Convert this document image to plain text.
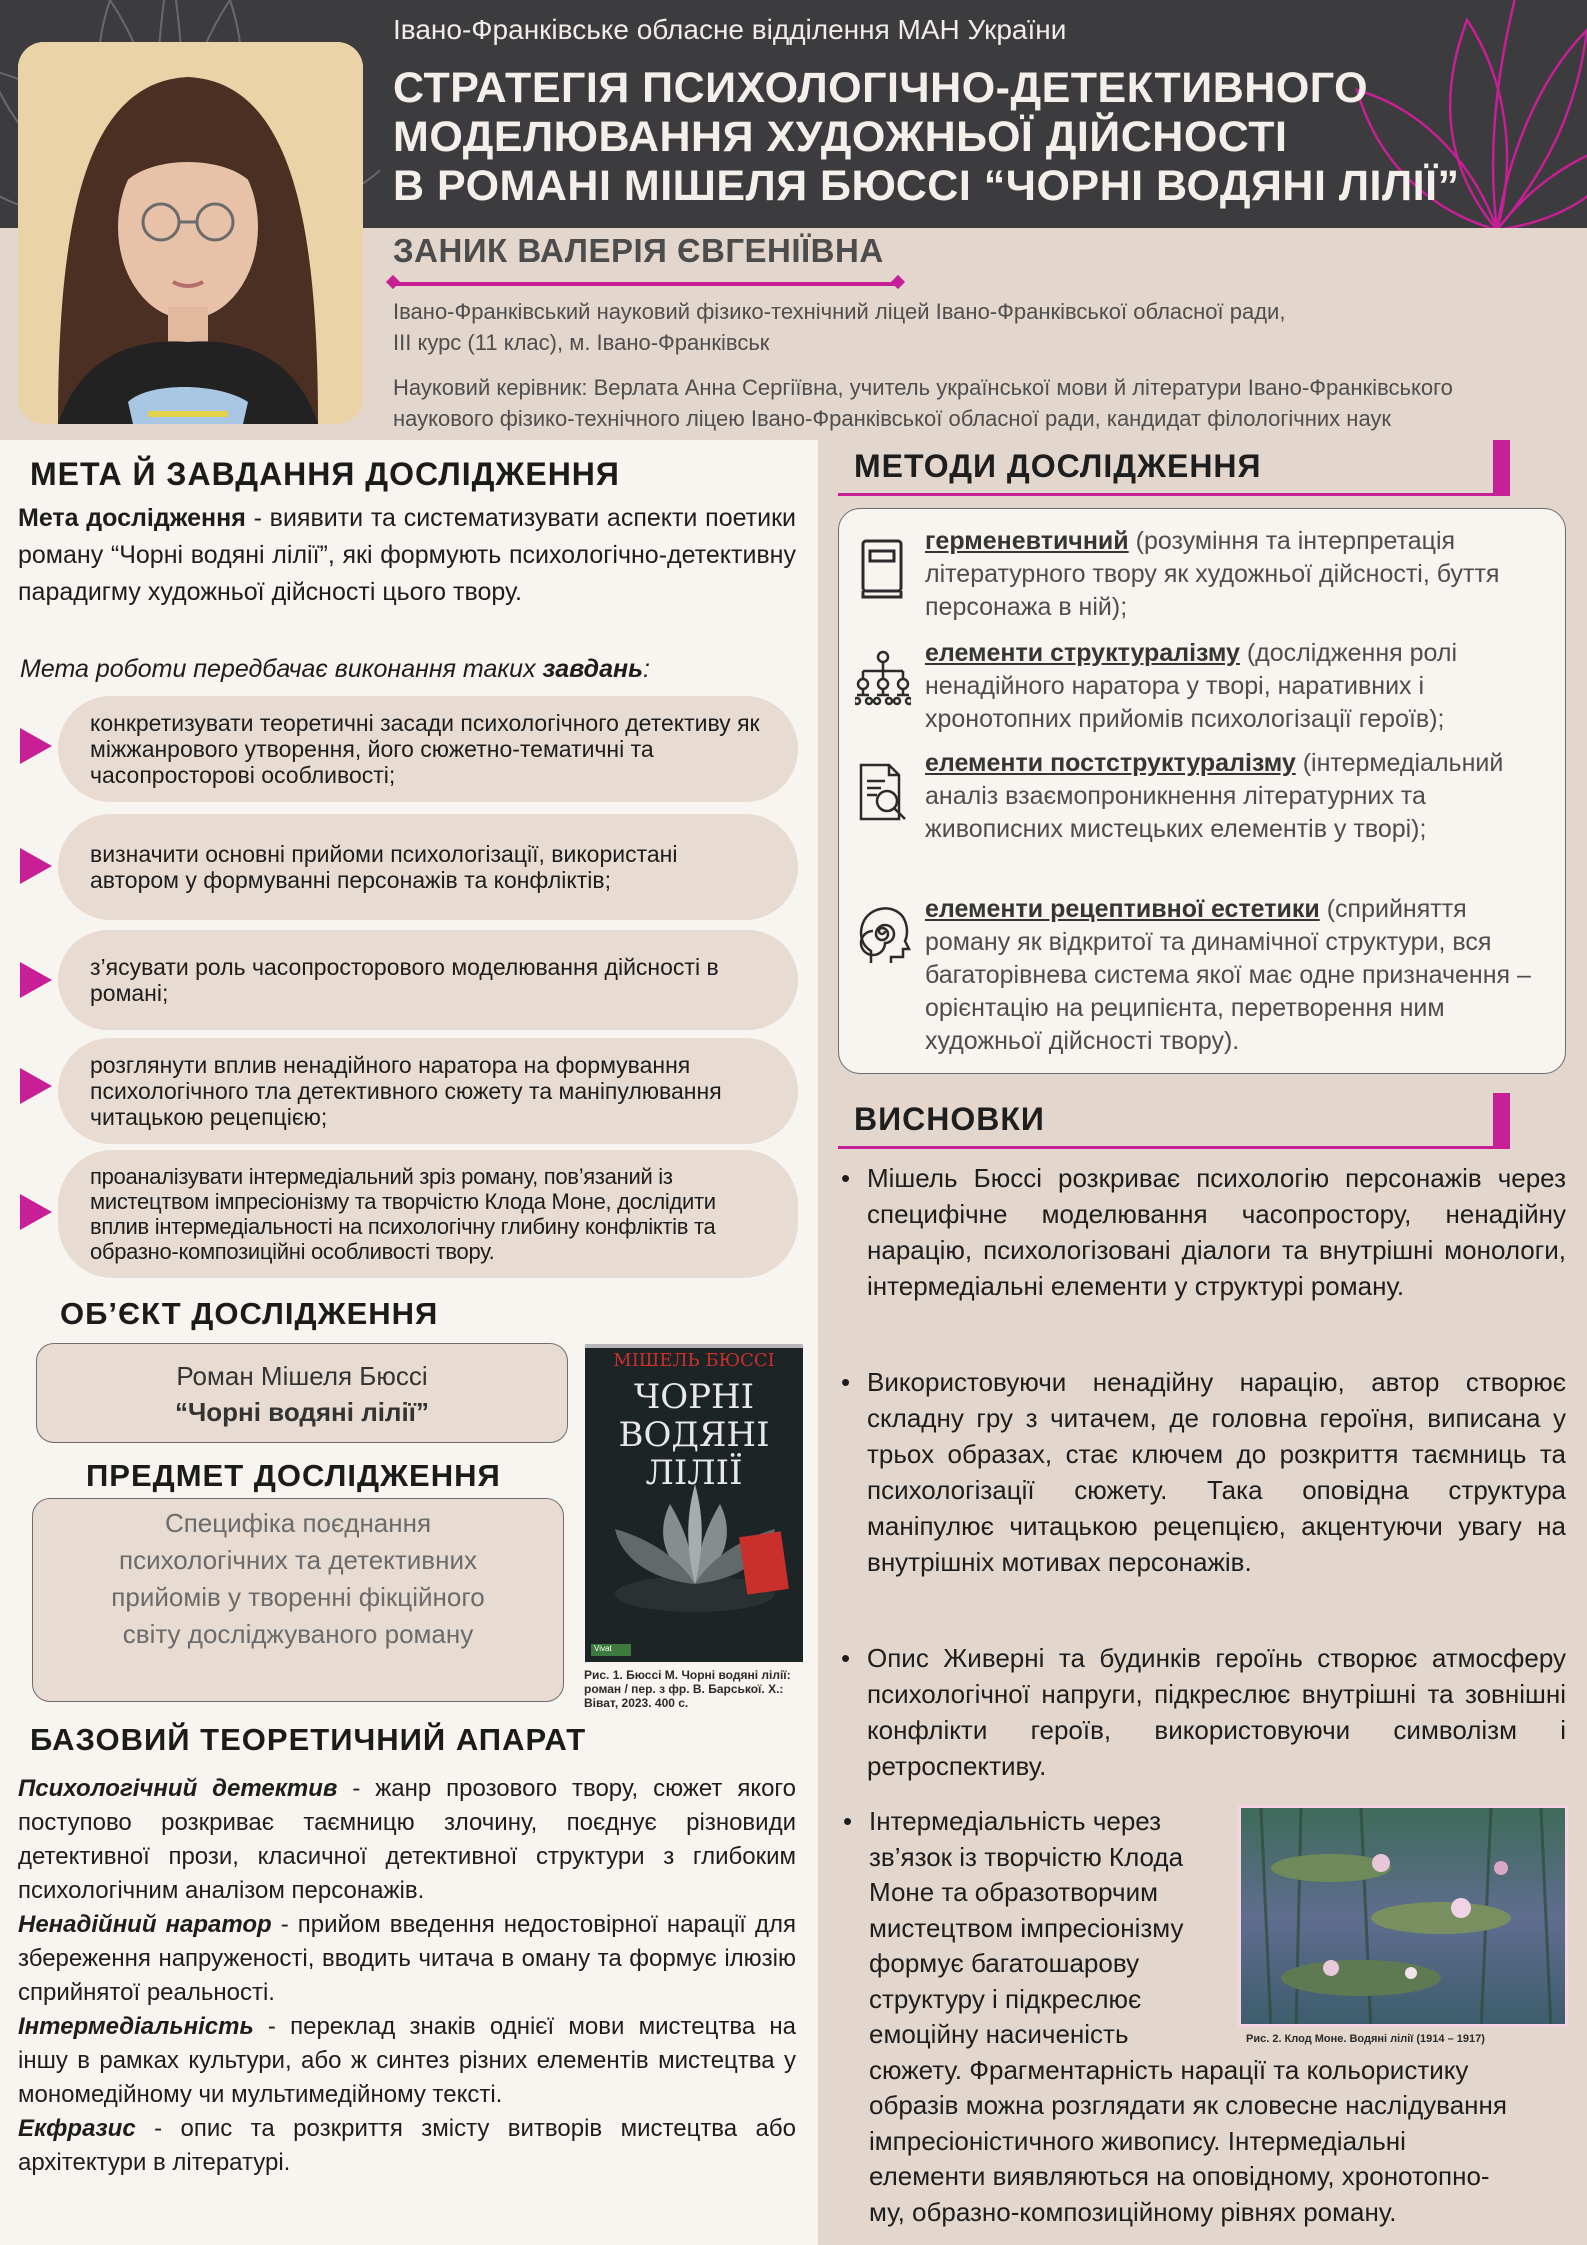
Івано-Франківське обласне відділення МАН України
СТРАТЕГІЯ ПСИХОЛОГІЧНО-ДЕТЕКТИВНОГО
МОДЕЛЮВАННЯ ХУДОЖНЬОЇ ДІЙСНОСТІ
В РОМАНІ МІШЕЛЯ БЮССІ “ЧОРНІ ВОДЯНІ ЛІЛІЇ”
ЗАНИК ВАЛЕРІЯ ЄВГЕНІЇВНА
Івано-Франківський науковий фізико-технічний ліцей Івано-Франківської обласної ради,
ІІІ курс (11 клас), м. Івано-Франківськ
Науковий керівник: Верлата Анна Сергіївна, учитель української мови й літератури Івано-Франківського
наукового фізико-технічного ліцею Івано-Франківської обласної ради, кандидат філологічних наук
МЕТА Й ЗАВДАННЯ ДОСЛІДЖЕННЯ
Мета дослідження - виявити та систематизувати аспекти поетики роману “Чорні водяні лілії”, які формують психологічно-детективну парадигму художньої дійсності цього твору.
Мета роботи передбачає виконання таких завдань:
конкретизувати теоретичні засади психологічного детективу як міжжанрового утворення, його сюжетно-тематичні та часопросторові особливості;
визначити основні прийоми психологізації, використані автором у формуванні персонажів та конфліктів;
з’ясувати роль часопросторового моделювання дійсності в романі;
розглянути вплив ненадійного наратора на формування психологічного тла детективного сюжету та маніпулювання читацькою рецепцією;
проаналізувати інтермедіальний зріз роману, пов’язаний із мистецтвом імпресіонізму та творчістю Клода Моне, дослідити вплив інтермедіальності на психологічну глибину конфліктів та образно-композиційні особливості твору.
ОБ’ЄКТ ДОСЛІДЖЕННЯ
Роман Мішеля Бюссі
“Чорні водяні лілії”
ПРЕДМЕТ ДОСЛІДЖЕННЯ
Специфіка поєднання
психологічних та детективних
прийомів у творенні фікційного
світу досліджуваного роману
МІШЕЛЬ БЮССІ
ЧОРНІ
ВОДЯНІ
ЛІЛІЇ
Vivat
Рис. 1. Бюссі М. Чорні водяні лілії: роман / пер. з фр. В. Барської. Х.: Віват, 2023. 400 с.
БАЗОВИЙ ТЕОРЕТИЧНИЙ АПАРАТ
Психологічний детектив - жанр прозового твору, сюжет якого поступово розкриває таємницю злочину, поєднує різновиди детективної прози, класичної детективної структури з глибоким психологічним аналізом персонажів.
Ненадійний наратор - прийом введення недостовірної нарації для збереження напруженості, вводить читача в оману та формує ілюзію сприйнятої реальності.
Інтермедіальність - переклад знаків однієї мови мистецтва на іншу в рамках культури, або ж синтез різних елементів мистецтва у мономедійному чи мультимедійному тексті.
Екфразис - опис та розкриття змісту витворів мистецтва або архітектури в літературі.
МЕТОДИ ДОСЛІДЖЕННЯ
герменевтичний (розуміння та інтерпретація літературного твору як художньої дійсності, буття персонажа в ній);
елементи структуралізму (дослідження ролі ненадійного наратора у творі, наративних і хронотопних прийомів психологізації героїв);
елементи постструктуралізму (інтермедіальний аналіз взаємопроникнення літературних та живописних мистецьких елементів у творі);
елементи рецептивної естетики (сприйняття роману як відкритої та динамічної структури, вся багаторівнева система якої має одне призначення – орієнтацію на реципієнта, перетворення ним художньої дійсності твору).
ВИСНОВКИ
• Мішель Бюссі розкриває психологію персонажів через специфічне моделювання часопростору, ненадійну нарацію, психологізовані діалоги та внутрішні монологи, інтермедіальні елементи у структурі роману.
• Використовуючи ненадійну нарацію, автор створює складну гру з читачем, де головна героїня, виписана у трьох образах, стає ключем до розкриття таємниць та психологізації сюжету. Така оповідна структура маніпулює читацькою рецепцією, акцентуючи увагу на внутрішніх мотивах персонажів.
• Опис Живерні та будинків героїнь створює атмосферу психологічної напруги, підкреслює внутрішні та зовнішні конфлікти героїв, використовуючи символізм і ретроспективу.
• Інтермедіальність через
зв’язок із творчістю Клода
Моне та образотворчим
мистецтвом імпресіонізму
формує багатошарову
структуру і підкреслює
емоційну насиченість
сюжету. Фрагментарність нарації та кольористику
образів можна розглядати як словесне наслідування
імпресіоністичного живопису. Інтермедіальні
елементи виявляються на оповідному, хронотопно-
му, образно-композиційному рівнях роману.
Рис. 2. Клод Моне. Водяні лілії (1914 – 1917)
